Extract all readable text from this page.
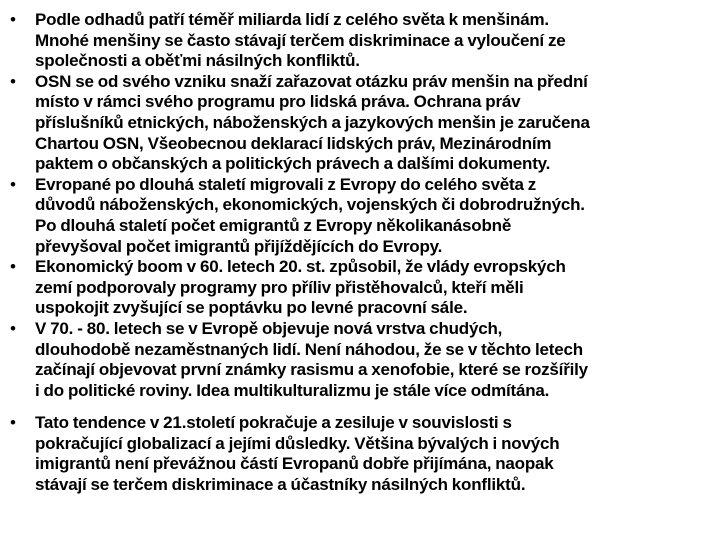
• Podle odhadů patří téměř miliarda lidí z celého světa k menšinám.
Mnohé menšiny se často stávají terčem diskriminace a vyloučení ze
společnosti a oběťmi násilných konfliktů.
• OSN se od svého vzniku snaží zařazovat otázku práv menšin na přední
místo v rámci svého programu pro lidská práva. Ochrana práv
příslušníků etnických, náboženských a jazykových menšin je zaručena
Chartou OSN, Všeobecnou deklarací lidských práv, Mezinárodním
paktem o občanských a politických právech a dalšími dokumenty.
• Evropané po dlouhá staletí migrovali z Evropy do celého světa z
důvodů náboženských, ekonomických, vojenských či dobrodružných.
Po dlouhá staletí počet emigrantů z Evropy několikanásobně
převyšoval počet imigrantů přijíždějících do Evropy.
• Ekonomický boom v 60. letech 20. st. způsobil, že vlády evropských
zemí podporovaly programy pro příliv přistěhovalců, kteří měli
uspokojit zvyšující se poptávku po levné pracovní sále.
• V 70. - 80. letech se v Evropě objevuje nová vrstva chudých,
dlouhodobě nezaměstnaných lidí. Není náhodou, že se v těchto letech
začínají objevovat první známky rasismu a xenofobie, které se rozšířily
i do politické roviny. Idea multikulturalizmu je stále více odmítána.
• Tato tendence v 21.století pokračuje a zesiluje v souvislosti s
pokračující globalizací a jejími důsledky. Většina bývalých i nových
imigrantů není převážnou částí Evropanů dobře přijímána, naopak
stávají se terčem diskriminace a účastníky násilných konfliktů.
